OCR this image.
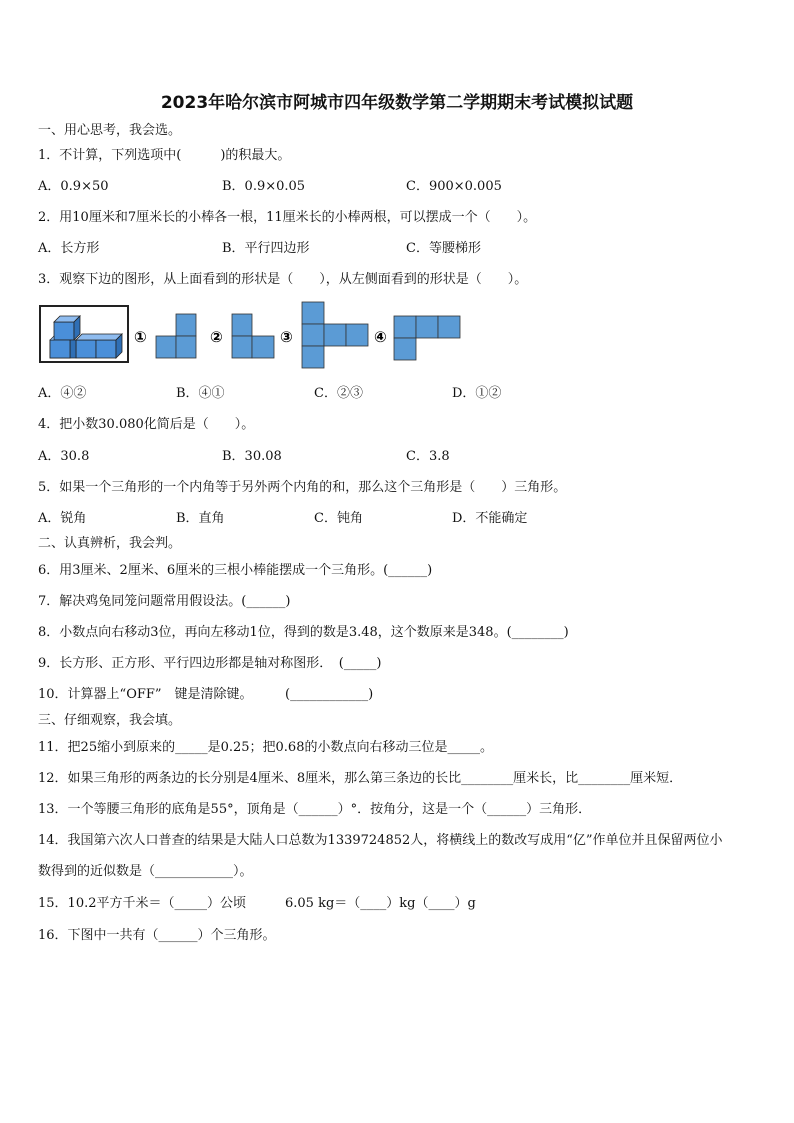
2023年哈尔滨市阿城市四年级数学第二学期期末考试模拟试题
一、用心思考，我会选。
1．不计算，下列选项中(　　　)的积最大。
A．0.9×50	B．0.9×0.05	C．900×0.005
2．用10厘米和7厘米长的小棒各一根，11厘米长的小棒两根，可以摆成一个（　　）。
A．长方形	B．平行四边形	C．等腰梯形
3．观察下边的图形，从上面看到的形状是（　　），从左侧面看到的形状是（　　）。
①	②	③	④
A．④②	B．④①	C．②③	D．①②
4．把小数30.080化简后是（　　）。
A．30.8	B．30.08	C．3.8
5．如果一个三角形的一个内角等于另外两个内角的和，那么这个三角形是（　　）三角形。
A．锐角	B．直角	C．钝角	D．不能确定
二、认真辨析，我会判。
6．用3厘米、2厘米、6厘米的三根小棒能摆成一个三角形。(______)
7．解决鸡兔同笼问题常用假设法。(______)
8．小数点向右移动3位，再向左移动1位，得到的数是3.48，这个数原来是348。(________)
9．长方形、正方形、平行四边形都是轴对称图形．　(_____)
10．计算器上“OFF”　键是清除键。　　　(____________)
三、仔细观察，我会填。
11．把25缩小到原来的_____是0.25；把0.68的小数点向右移动三位是_____。
12．如果三角形的两条边的长分别是4厘米、8厘米，那么第三条边的长比________厘米长，比________厘米短．
13．一个等腰三角形的底角是55°，顶角是（______）°．按角分，这是一个（______）三角形．
14．我国第六次人口普查的结果是大陆人口总数为1339724852人，将横线上的数改写成用“亿”作单位并且保留两位小
数得到的近似数是（____________）。
15．10.2平方千米＝（_____）公顷　　　6.05 kg＝（____）kg（____）g
16．下图中一共有（______）个三角形。
